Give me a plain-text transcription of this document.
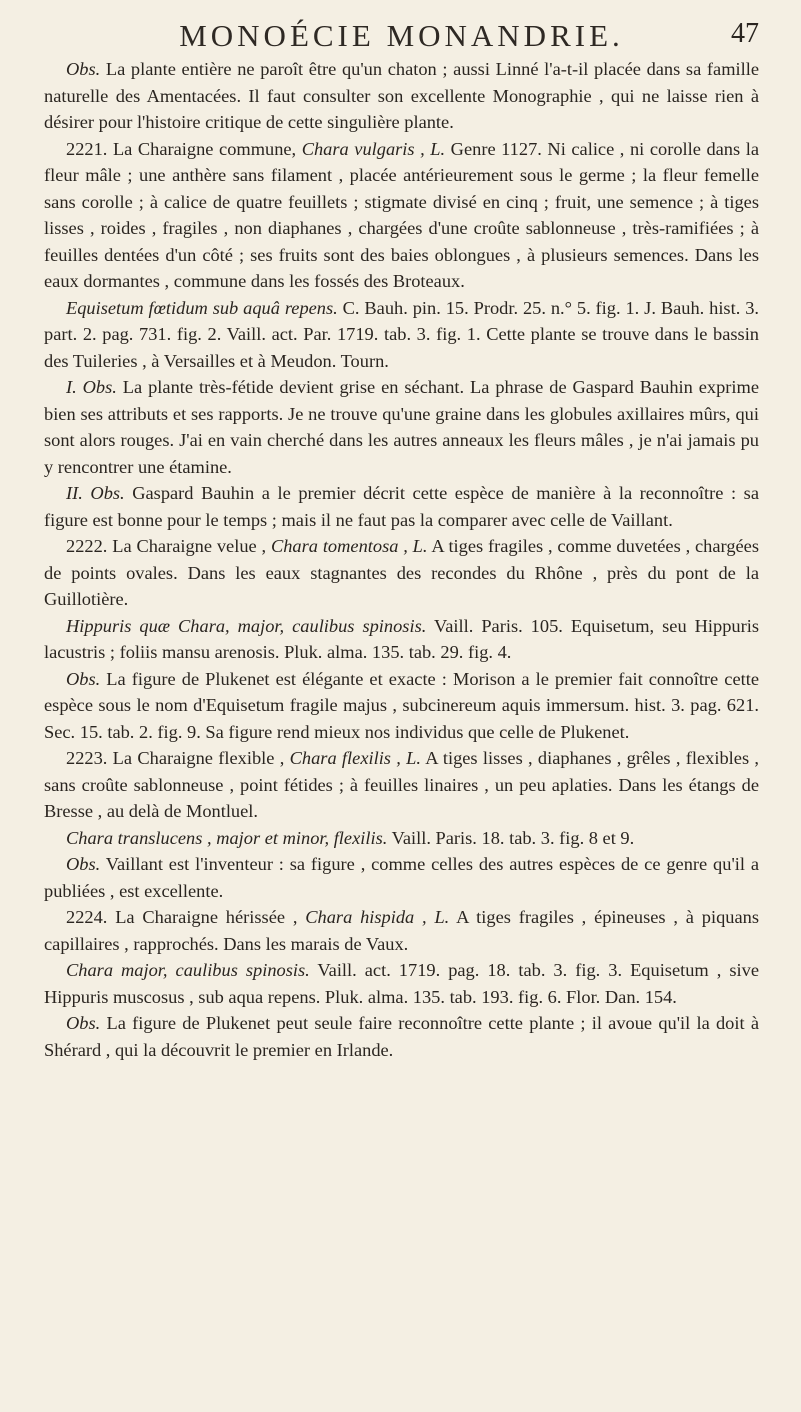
MONOÉCIE MONANDRIE.	47

Obs. La plante entière ne paroît être qu'un chaton ; aussi Linné l'a-t-il placée dans sa famille naturelle des Amentacées. Il faut consulter son excellente Monographie , qui ne laisse rien à désirer pour l'histoire critique de cette singulière plante.

2221. La Charaigne commune, Chara vulgaris , L. Genre 1127. Ni calice , ni corolle dans la fleur mâle ; une anthère sans filament , placée antérieurement sous le germe ; la fleur femelle sans corolle ; à calice de quatre feuillets ; stigmate divisé en cinq ; fruit, une semence ; à tiges lisses , roides , fragiles , non diaphanes , chargées d'une croûte sablonneuse , très-ramifiées ; à feuilles dentées d'un côté ; ses fruits sont des baies oblongues , à plusieurs semences. Dans les eaux dormantes , commune dans les fossés des Broteaux.

Equisetum fœtidum sub aquâ repens. C. Bauh. pin. 15. Prodr. 25. n.° 5. fig. 1. J. Bauh. hist. 3. part. 2. pag. 731. fig. 2. Vaill. act. Par. 1719. tab. 3. fig. 1. Cette plante se trouve dans le bassin des Tuileries , à Versailles et à Meudon. Tourn.

I. Obs. La plante très-fétide devient grise en séchant. La phrase de Gaspard Bauhin exprime bien ses attributs et ses rapports. Je ne trouve qu'une graine dans les globules axillaires mûrs, qui sont alors rouges. J'ai en vain cherché dans les autres anneaux les fleurs mâles , je n'ai jamais pu y rencontrer une étamine.

II. Obs. Gaspard Bauhin a le premier décrit cette espèce de manière à la reconnoître : sa figure est bonne pour le temps ; mais il ne faut pas la comparer avec celle de Vaillant.

2222. La Charaigne velue , Chara tomentosa , L. A tiges fragiles , comme duvetées , chargées de points ovales. Dans les eaux stagnantes des recondes du Rhône , près du pont de la Guillotière.

Hippuris quæ Chara, major, caulibus spinosis. Vaill. Paris. 105. Equisetum, seu Hippuris lacustris ; foliis mansu arenosis. Pluk. alma. 135. tab. 29. fig. 4.

Obs. La figure de Plukenet est élégante et exacte : Morison a le premier fait connoître cette espèce sous le nom d'Equisetum fragile majus , subcinereum aquis immersum. hist. 3. pag. 621. Sec. 15. tab. 2. fig. 9. Sa figure rend mieux nos individus que celle de Plukenet.

2223. La Charaigne flexible , Chara flexilis , L. A tiges lisses , diaphanes , grêles , flexibles , sans croûte sablonneuse , point fétides ; à feuilles linaires , un peu aplaties. Dans les étangs de Bresse , au delà de Montluel.

Chara translucens , major et minor, flexilis. Vaill. Paris. 18. tab. 3. fig. 8 et 9.

Obs. Vaillant est l'inventeur : sa figure , comme celles des autres espèces de ce genre qu'il a publiées , est excellente.

2224. La Charaigne hérissée , Chara hispida , L. A tiges fragiles , épineuses , à piquans capillaires , rapprochés. Dans les marais de Vaux.

Chara major, caulibus spinosis. Vaill. act. 1719. pag. 18. tab. 3. fig. 3. Equisetum , sive Hippuris muscosus , sub aqua repens. Pluk. alma. 135. tab. 193. fig. 6. Flor. Dan. 154.

Obs. La figure de Plukenet peut seule faire reconnoître cette plante ; il avoue qu'il la doit à Shérard , qui la découvrit le premier en Irlande.
